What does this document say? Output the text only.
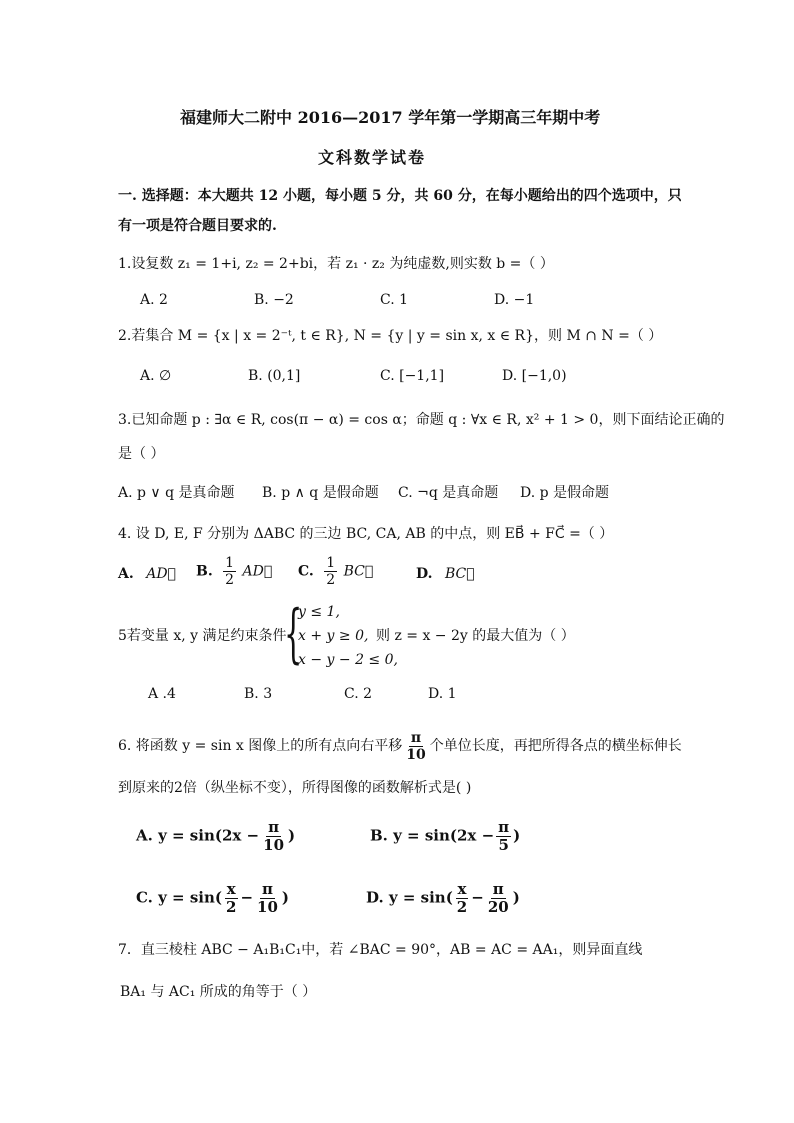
福建师大二附中 2016—2017 学年第一学期高三年期中考
文科数学试卷
一. 选择题：本大题共 12 小题，每小题 5 分，共 60 分，在每小题给出的四个选项中，只
有一项是符合题目要求的.
1.设复数 z₁ = 1+i, z₂ = 2+bi，若 z₁ · z₂ 为纯虚数,则实数 b =（ ）
A. 2	B. −2	C. 1	D. −1
2.若集合 M = {x | x = 2⁻ᵗ, t ∈ R}, N = {y | y = sin x, x ∈ R}，则 M ∩ N =（ ）
A. ∅	B. (0,1]	C. [−1,1]	D. [−1,0)
3.已知命题 p : ∃α ∈ R, cos(π − α) = cos α；命题 q : ∀x ∈ R, x² + 1 > 0，则下面结论正确的
是（ ）
A. p ∨ q 是真命题 B. p ∧ q 是假命题 C. ¬q 是真命题 D. p 是假命题
4. 设 D, E, F 分别为 ΔABC 的三边 BC, CA, AB 的中点，则 EB⃗ + FC⃗ =（ ）
A. AD⃗ B. $\frac{1}{2}$ AD⃗ C. $\frac{1}{2}$ BC⃗	D. BC⃗
5若变量 x, y 满足约束条件
{
y ≤ 1,
x + y ≥ 0,
x − y − 2 ≤ 0,
则 z = x − 2y 的最大值为（ ）
A .4	B. 3	C. 2	D. 1
6. 将函数 y = sin x 图像上的所有点向右平移 $\frac{\pi}{10}$ 个单位长度，再把所得各点的横坐标伸长
到原来的2倍（纵坐标不变），所得图像的函数解析式是( )
A. $y = \sin(2x - \frac{\pi}{10}$ )	B. $y = \sin(2x - \frac{\pi}{5}$ )
C. $y = \sin( \frac{x}{2} - \frac{\pi}{10}$ )	D. $y = \sin( \frac{x}{2} - \frac{\pi}{20}$ )
7．直三棱柱 ABC − A₁B₁C₁中，若 ∠BAC = 90°，AB = AC = AA₁，则异面直线
BA₁ 与 AC₁ 所成的角等于（ ）
